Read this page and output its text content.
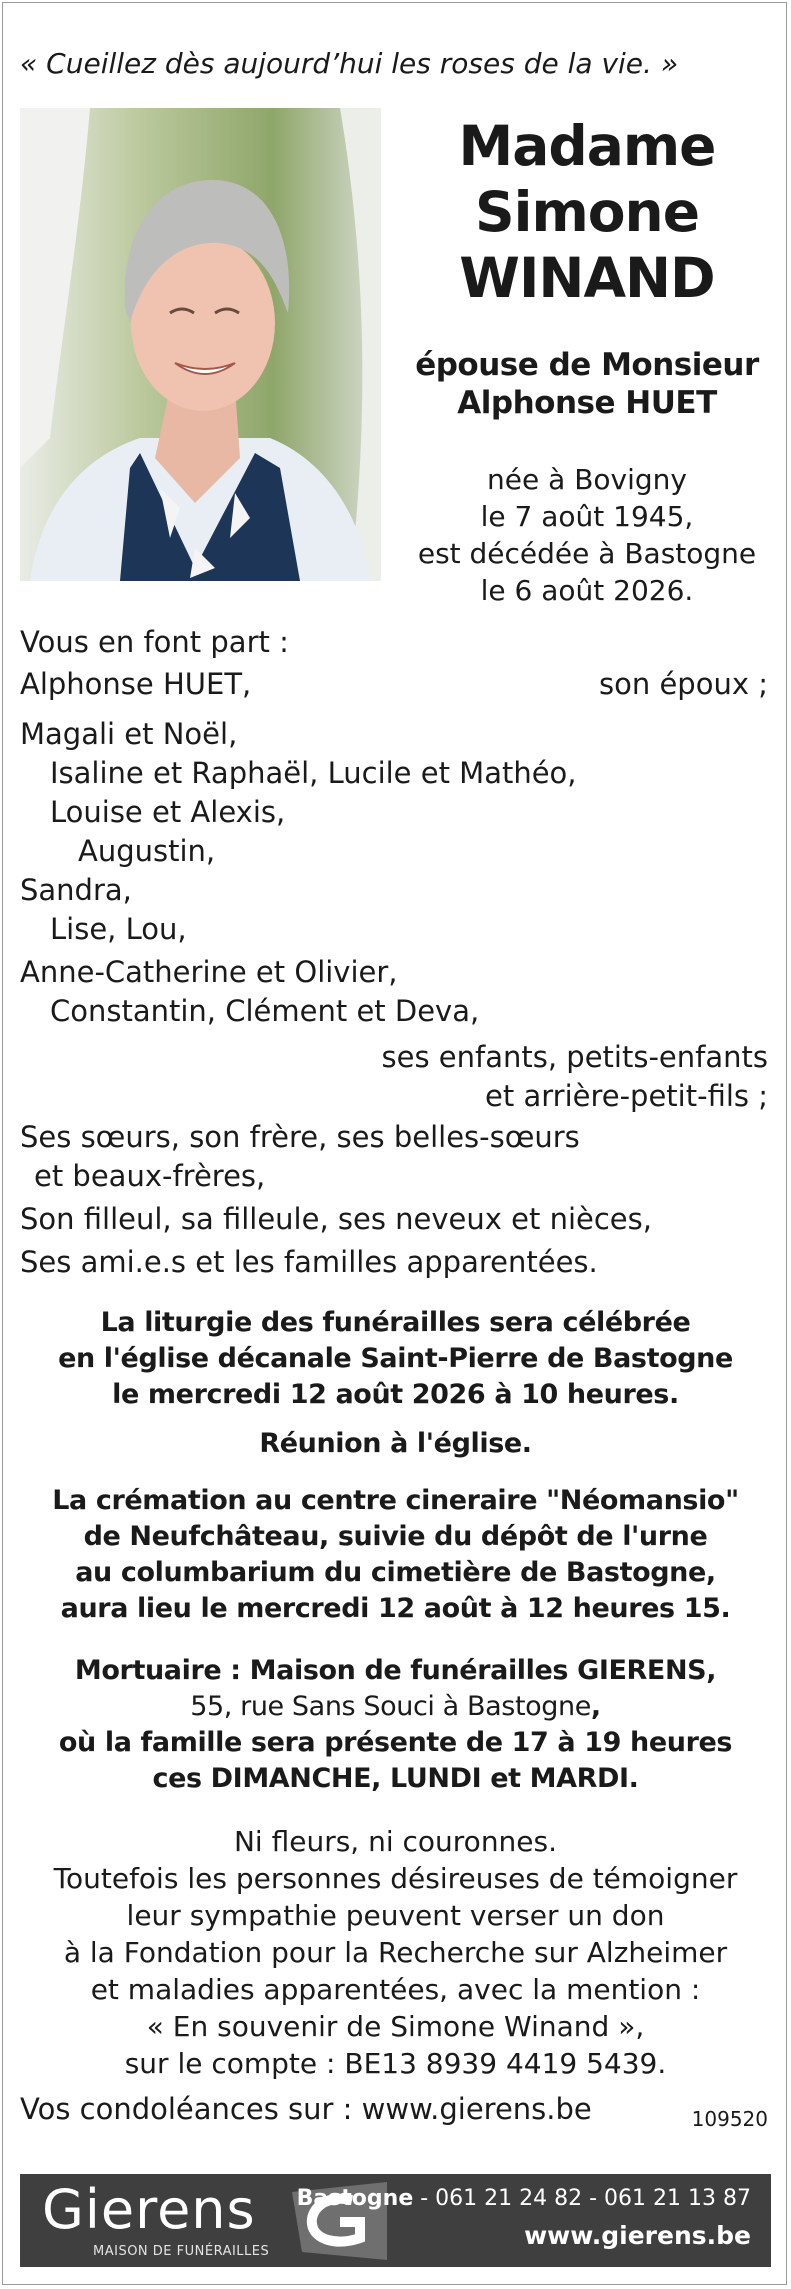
« Cueillez dès aujourd’hui les roses de la vie. »
Madame
Simone
WINAND
épouse de Monsieur
Alphonse HUET
née à Bovigny
le 7 août 1945,
est décédée à Bastogne
le 6 août 2026.
Vous en font part :
Alphonse HUET,	son époux ;
Magali et Noël,
Isaline et Raphaël, Lucile et Mathéo,
Louise et Alexis,
Augustin,
Sandra,
Lise, Lou,
Anne-Catherine et Olivier,
Constantin, Clément et Deva,
ses enfants, petits-enfants
et arrière-petit-fils ;
Ses sœurs, son frère, ses belles-sœurs
et beaux-frères,
Son filleul, sa filleule, ses neveux et nièces,
Ses ami.e.s et les familles apparentées.
La liturgie des funérailles sera célébrée
en l'église décanale Saint-Pierre de Bastogne
le mercredi 12 août 2026 à 10 heures.
Réunion à l'église.
La crémation au centre cineraire "Néomansio"
de Neufchâteau, suivie du dépôt de l'urne
au columbarium du cimetière de Bastogne,
aura lieu le mercredi 12 août à 12 heures 15.
Mortuaire : Maison de funérailles GIERENS,
55, rue Sans Souci à Bastogne,
où la famille sera présente de 17 à 19 heures
ces DIMANCHE, LUNDI et MARDI.
Ni fleurs, ni couronnes.
Toutefois les personnes désireuses de témoigner
leur sympathie peuvent verser un don
à la Fondation pour la Recherche sur Alzheimer
et maladies apparentées, avec la mention :
« En souvenir de Simone Winand »,
sur le compte : BE13 8939 4419 5439.
Vos condoléances sur : www.gierens.be	109520
Gierens
MAISON DE FUNÉRAILLES
Bastogne - 061 21 24 82 - 061 21 13 87
www.gierens.be
